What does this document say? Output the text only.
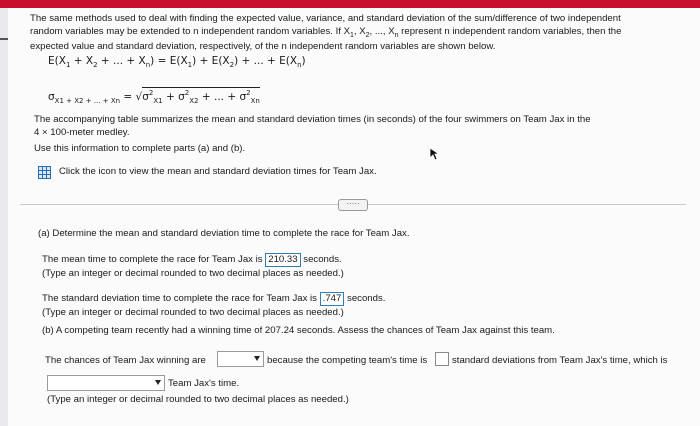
The same methods used to deal with finding the expected value, variance, and standard deviation of the sum/difference of two independent
random variables may be extended to n independent random variables. If $X_1$, $X_2$, ..., $X_n$ represent n independent random variables, then the
expected value and standard deviation, respectively, of the n independent random variables are shown below.
$E(X_1 + X_2$ + ... + $X_n) = E(X_1) + E(X_2)$ + ... + $E(X_n)$
$\sigma_{X1 + X2 + ... + Xn} = √\sigma^2_{X1} + \sigma^2_{X2}$ + ... + $\sigma^2_{Xn}$
The accompanying table summarizes the mean and standard deviation times (in seconds) of the four swimmers on Team Jax in the
4 × 100-meter medley.
Use this information to complete parts (a) and (b).
Click the icon to view the mean and standard deviation times for Team Jax.
·····
(a) Determine the mean and standard deviation time to complete the race for Team Jax.
The mean time to complete the race for Team Jax is 210.33 seconds.
(Type an integer or decimal rounded to two decimal places as needed.)
The standard deviation time to complete the race for Team Jax is .747 seconds.
(Type an integer or decimal rounded to two decimal places as needed.)
(b) A competing team recently had a winning time of 207.24 seconds. Assess the chances of Team Jax against this team.
The chances of Team Jax winning are	because the competing team's time is	standard deviations from Team Jax's time, which is
Team Jax's time.
(Type an integer or decimal rounded to two decimal places as needed.)
